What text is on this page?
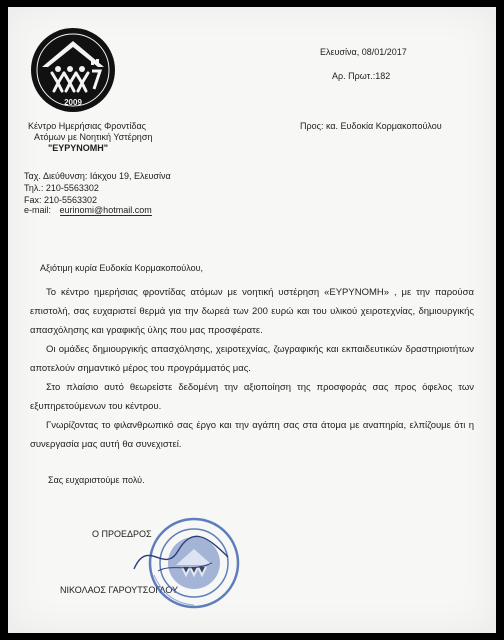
2009
Κέντρο Ημερήσιας Φροντίδας
Ατόμων με Νοητική Υστέρηση
"ΕΥΡΥΝΟΜΗ"
Ελευσίνα, 08/01/2017
Αρ. Πρωτ.:182
Προς: κα. Ευδοκία Κορμακοπούλου
Ταχ. Διεύθυνση: Ιάκχου 19, Ελευσίνα
Τηλ.: 210-5563302
Fax: 210-5563302
e-mail: eurinomi@hotmail.com
Αξιότιμη κυρία Ευδοκία Κορμακοπούλου,

Το κέντρο ημερήσιας φροντίδας ατόμων με νοητική υστέρηση «ΕΥΡΥΝΟΜΗ» , με την παρούσα επιστολή, σας ευχαριστεί θερμά για την δωρεά των 200 ευρώ και του υλικού χειροτεχνίας, δημιουργικής απασχόλησης και γραφικής ύλης που μας προσφέρατε.

Οι ομάδες δημιουργικής απασχόλησης, χειροτεχνίας, ζωγραφικής και εκπαιδευτικών δραστηριοτήτων αποτελούν σημαντικό μέρος του προγράμματός μας.

Στο πλαίσιο αυτό θεωρείστε δεδομένη την αξιοποίηση της προσφοράς σας προς όφελος των εξυπηρετούμενων του κέντρου.

Γνωρίζοντας το φιλανθρωπικό σας έργο και την αγάπη σας στα άτομα με αναπηρία, ελπίζουμε ότι η συνεργασία μας αυτή θα συνεχιστεί.

Σας ευχαριστούμε πολύ.
Ο ΠΡΟΕΔΡΟΣ
ΝΙΚΟΛΑΟΣ ΓΑΡΟΥΤΣΟΓΛΟΥ
